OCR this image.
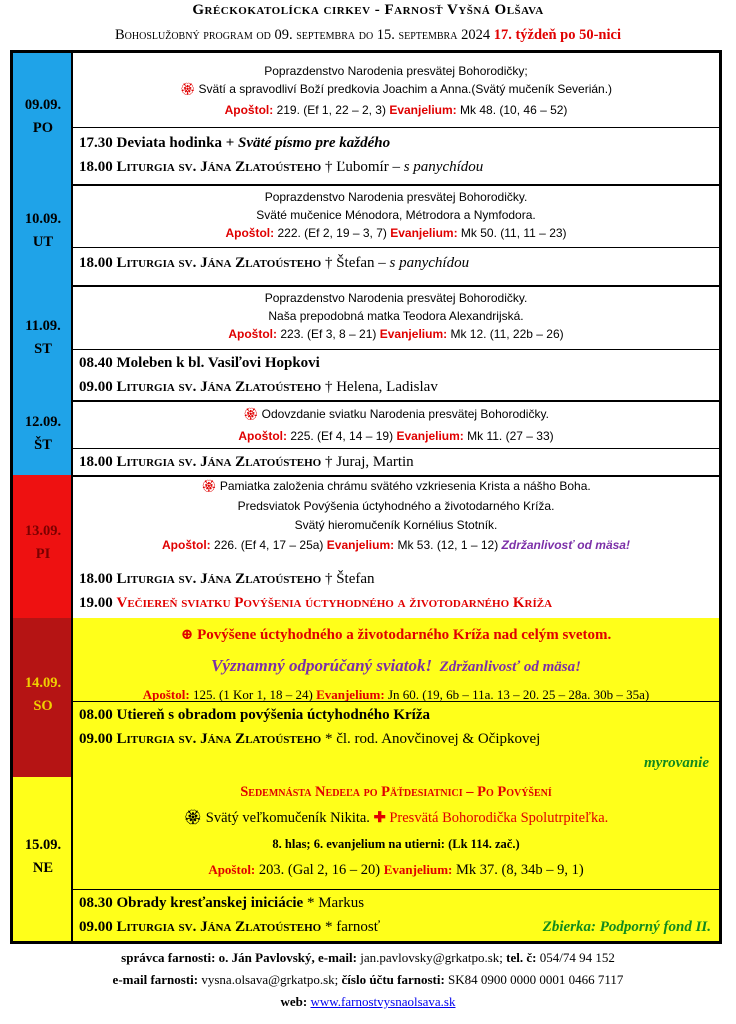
Gréckokatolícka cirkev - Farnosť Vyšná Olšava
Bohoslužobný program od 09. septembra do 15. septembra 2024 17. týždeň po 50-nici
09.09.
PO
Poprazdenstvo Narodenia presvätej Bohorodičky;
🏵︎ Svätí a spravodliví Boží predkovia Joachim a Anna.(Svätý mučeník Severián.)
Apoštol: 219. (Ef 1, 22 – 2, 3) Evanjelium: Mk 48. (10, 46 – 52)
17.30 Deviata hodinka + Sväté písmo pre každého
18.00 Liturgia sv. Jána Zlatoústeho † Ľubomír – s panychídou
10.09.
UT
Poprazdenstvo Narodenia presvätej Bohorodičky.
Sväté mučenice Ménodora, Métrodora a Nymfodora.
Apoštol: 222. (Ef 2, 19 – 3, 7) Evanjelium: Mk 50. (11, 11 – 23)
18.00 Liturgia sv. Jána Zlatoústeho † Štefan – s panychídou
11.09.
ST
Poprazdenstvo Narodenia presvätej Bohorodičky.
Naša prepodobná matka Teodora Alexandrijská.
Apoštol: 223. (Ef 3, 8 – 21) Evanjelium: Mk 12. (11, 22b – 26)
08.40 Moleben k bl. Vasiľovi Hopkovi
09.00 Liturgia sv. Jána Zlatoústeho † Helena, Ladislav
12.09.
ŠT
🏵︎ Odovzdanie sviatku Narodenia presvätej Bohorodičky.
Apoštol: 225. (Ef 4, 14 – 19) Evanjelium: Mk 11. (27 – 33)
18.00 Liturgia sv. Jána Zlatoústeho † Juraj, Martin
13.09.
PI
🏵︎ Pamiatka založenia chrámu svätého vzkriesenia Krista a nášho Boha.
Predsviatok Povýšenia úctyhodného a životodarného Kríža.
Svätý hieromučeník Kornélius Stotník.
Apoštol: 226. (Ef 4, 17 – 25a) Evanjelium: Mk 53. (12, 1 – 12) Zdržanlivosť od mäsa!
18.00 Liturgia sv. Jána Zlatoústeho † Štefan
19.00 Večiereň sviatku Povýšenia úctyhodného a životodarného Kríža
14.09.
SO
⊕ Povýšene úctyhodného a životodarného Kríža nad celým svetom.
Významný odporúčaný sviatok! Zdržanlivosť od mäsa!
Apoštol: 125. (1 Kor 1, 18 – 24) Evanjelium: Jn 60. (19, 6b – 11a. 13 – 20. 25 – 28a. 30b – 35a)
08.00 Utiereň s obradom povýšenia úctyhodného Kríža
09.00 Liturgia sv. Jána Zlatoústeho * čl. rod. Anovčinovej & Očipkovej
myrovanie
15.09.
NE
Sedemnásta Nedeľa po Päťdesiatnici – Po Povýšení
🏵︎ Svätý veľkomučeník Nikita. ✚ Presvätá Bohorodička Spolutrpiteľka.
8. hlas; 6. evanjelium na utierni: (Lk 114. zač.)
Apoštol: 203. (Gal 2, 16 – 20) Evanjelium: Mk 37. (8, 34b – 9, 1)
08.30 Obrady kresťanskej iniciácie * Markus
09.00 Liturgia sv. Jána Zlatoústeho * farnosť	Zbierka: Podporný fond II.
správca farnosti: o. Ján Pavlovský, e-mail: jan.pavlovsky@grkatpo.sk; tel. č: 054/74 94 152
e-mail farnosti: vysna.olsava@grkatpo.sk; číslo účtu farnosti: SK84 0900 0000 0001 0466 7117
web: www.farnostvysnaolsava.sk
